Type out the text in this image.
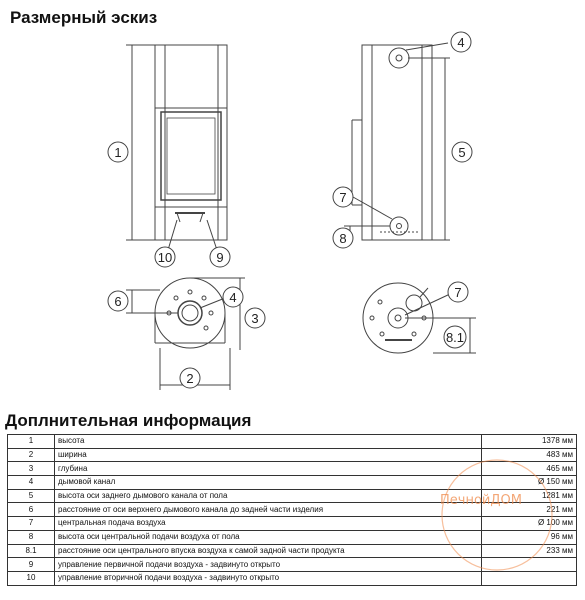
Размерный эскиз
1
10	9
4
5
7
8
6	4
3
2
7
8.1
Доплнительная информация
1	высота	1378 мм
2	ширина	483 мм
3	глубина	465 мм
4	дымовой канал	Ø 150 мм
5	высота оси заднего дымового канала от пола	1281 мм
6	расстояние от оси верхнего дымового канала до задней части изделия	221 мм
7	центральная подача воздуха	Ø 100 мм
8	высота оси центральной подачи воздуха от пола	96 мм
8.1	расстояние оси центрального впуска воздуха к самой задной части продукта	233 мм
9	управление первичной подачи воздуха - задвинуто открыто	
10	управление вторичной подачи воздуха - задвинуто открыто	
ПечнойДОМ
